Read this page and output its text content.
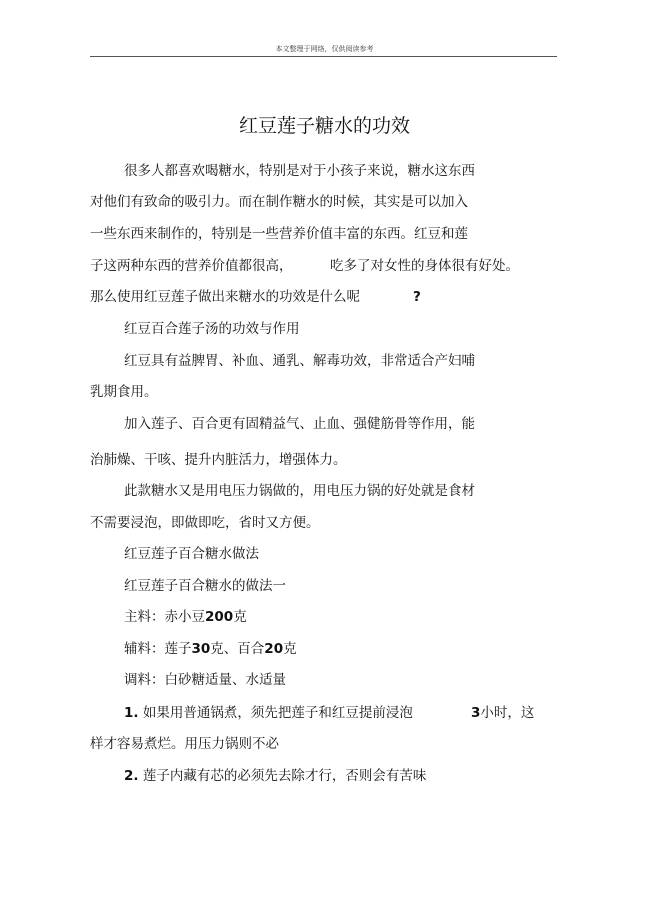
本文整理于网络，仅供阅读参考
红豆莲子糖水的功效
很多人都喜欢喝糖水，特别是对于小孩子来说，糖水这东西
对他们有致命的吸引力。而在制作糖水的时候，其实是可以加入
一些东西来制作的，特别是一些营养价值丰富的东西。红豆和莲
子这两种东西的营养价值都很高，	吃多了对女性的身体很有好处。
那么使用红豆莲子做出来糖水的功效是什么呢	?
红豆百合莲子汤的功效与作用
红豆具有益脾胃、补血、通乳、解毒功效，非常适合产妇哺
乳期食用。
加入莲子、百合更有固精益气、止血、强健筋骨等作用，能
治肺燥、干咳、提升内脏活力，增强体力。
此款糖水又是用电压力锅做的，用电压力锅的好处就是食材
不需要浸泡，即做即吃，省时又方便。
红豆莲子百合糖水做法
红豆莲子百合糖水的做法一
主料：赤小豆200克
辅料：莲子30克、百合20克
调料：白砂糖适量、水适量
1. 如果用普通锅煮，须先把莲子和红豆提前浸泡	3小时，这
样才容易煮烂。用压力锅则不必
2. 莲子内藏有芯的必须先去除才行，否则会有苦味
